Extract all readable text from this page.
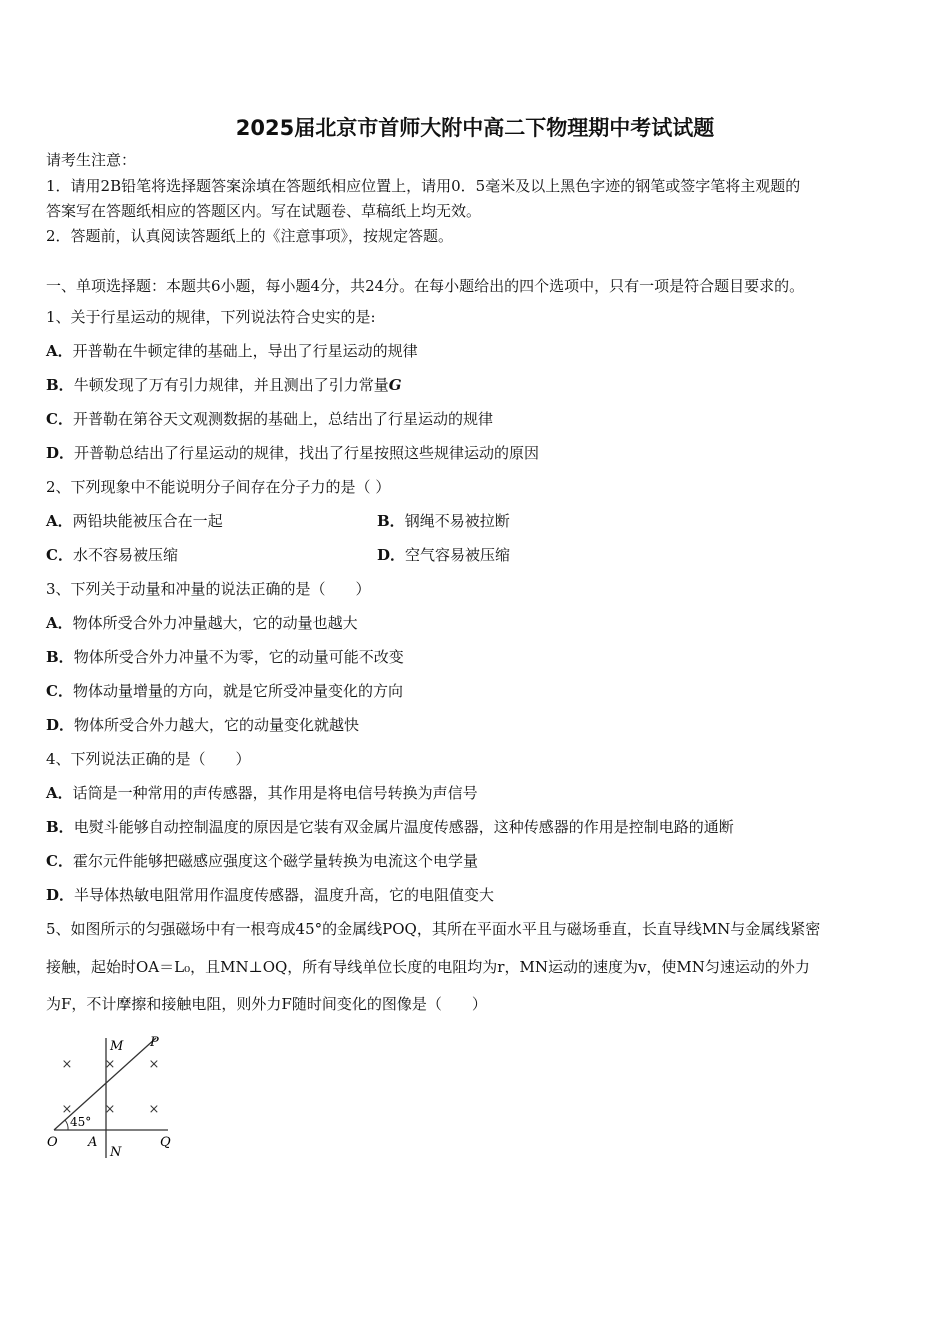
2025届北京市首师大附中高二下物理期中考试试题
请考生注意：
1．请用2B铅笔将选择题答案涂填在答题纸相应位置上，请用0．5毫米及以上黑色字迹的钢笔或签字笔将主观题的
答案写在答题纸相应的答题区内。写在试题卷、草稿纸上均无效。
2．答题前，认真阅读答题纸上的《注意事项》，按规定答题。
一、单项选择题：本题共6小题，每小题4分，共24分。在每小题给出的四个选项中，只有一项是符合题目要求的。
1、关于行星运动的规律，下列说法符合史实的是:
A．开普勒在牛顿定律的基础上，导出了行星运动的规律
B．牛顿发现了万有引力规律，并且测出了引力常量G
C．开普勒在第谷天文观测数据的基础上，总结出了行星运动的规律
D．开普勒总结出了行星运动的规律，找出了行星按照这些规律运动的原因
2、下列现象中不能说明分子间存在分子力的是（ ）
A．两铅块能被压合在一起	B．钢绳不易被拉断
C．水不容易被压缩	D．空气容易被压缩
3、下列关于动量和冲量的说法正确的是（　　）
A．物体所受合外力冲量越大，它的动量也越大
B．物体所受合外力冲量不为零，它的动量可能不改变
C．物体动量增量的方向，就是它所受冲量变化的方向
D．物体所受合外力越大，它的动量变化就越快
4、下列说法正确的是（　　）
A．话筒是一种常用的声传感器，其作用是将电信号转换为声信号
B．电熨斗能够自动控制温度的原因是它装有双金属片温度传感器，这种传感器的作用是控制电路的通断
C．霍尔元件能够把磁感应强度这个磁学量转换为电流这个电学量
D．半导体热敏电阻常用作温度传感器，温度升高，它的电阻值变大
5、如图所示的匀强磁场中有一根弯成45°的金属线POQ，其所在平面水平且与磁场垂直，长直导线MN与金属线紧密
接触，起始时OA＝L₀，且MN⊥OQ，所有导线单位长度的电阻均为r，MN运动的速度为v，使MN匀速运动的外力
为F，不计摩擦和接触电阻，则外力F随时间变化的图像是（　　）
× ×	×
× ×	×
45°
M P
O A	Q
N
